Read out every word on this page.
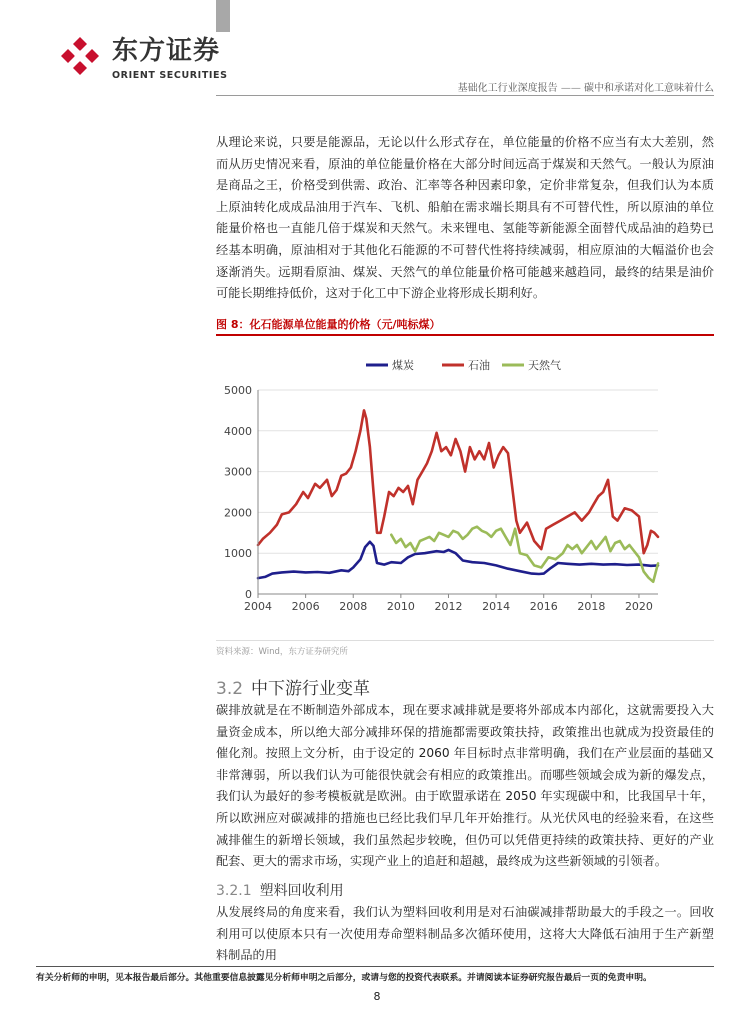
东方证券
ORIENT SECURITIES
基础化工行业深度报告 —— 碳中和承诺对化工意味着什么
从理论来说，只要是能源品，无论以什么形式存在，单位能量的价格不应当有太大差别，然而从历史情况来看，原油的单位能量价格在大部分时间远高于煤炭和天然气。一般认为原油是商品之王，价格受到供需、政治、汇率等各种因素印象，定价非常复杂，但我们认为本质上原油转化成成品油用于汽车、飞机、船舶在需求端长期具有不可替代性，所以原油的单位能量价格也一直能几倍于煤炭和天然气。未来锂电、氢能等新能源全面替代成品油的趋势已经基本明确，原油相对于其他化石能源的不可替代性将持续减弱，相应原油的大幅溢价也会逐渐消失。远期看原油、煤炭、天然气的单位能量价格可能越来越趋同，最终的结果是油价可能长期维持低价，这对于化工中下游企业将形成长期利好。
图 8：化石能源单位能量的价格（元/吨标煤）
煤炭	石油	天然气
0
1000
2000
3000
4000
5000
2004 2006 2008 2010 2012 2014 2016 2018 2020
资料来源：Wind，东方证券研究所
3.2 中下游行业变革
碳排放就是在不断制造外部成本，现在要求减排就是要将外部成本内部化，这就需要投入大量资金成本，所以绝大部分减排环保的措施都需要政策扶持，政策推出也就成为投资最佳的催化剂。按照上文分析，由于设定的 2060 年目标时点非常明确，我们在产业层面的基础又非常薄弱，所以我们认为可能很快就会有相应的政策推出。而哪些领域会成为新的爆发点，我们认为最好的参考模板就是欧洲。由于欧盟承诺在 2050 年实现碳中和，比我国早十年，所以欧洲应对碳减排的措施也已经比我们早几年开始推行。从光伏风电的经验来看，在这些减排催生的新增长领域，我们虽然起步较晚，但仍可以凭借更持续的政策扶持、更好的产业配套、更大的需求市场，实现产业上的追赶和超越，最终成为这些新领域的引领者。
3.2.1 塑料回收利用
从发展终局的角度来看，我们认为塑料回收利用是对石油碳减排帮助最大的手段之一。回收利用可以使原本只有一次使用寿命塑料制品多次循环使用，这将大大降低石油用于生产新塑料制品的用
有关分析师的申明，见本报告最后部分。其他重要信息披露见分析师申明之后部分，或请与您的投资代表联系。并请阅读本证券研究报告最后一页的免责申明。
8
